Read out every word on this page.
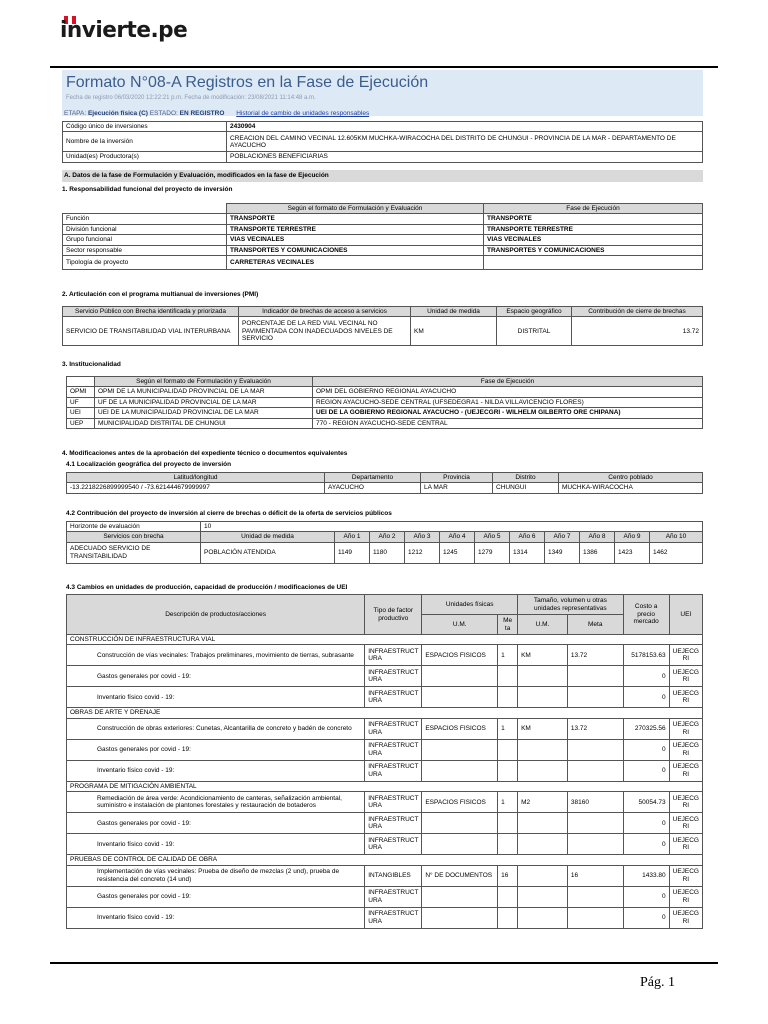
invierte.pe
Formato N°08-A Registros en la Fase de Ejecución
Fecha de registro 06/03/2020 12:22:21 p.m. Fecha de modificación: 23/08/2021 11:14:48 a.m.
ETAPA: Ejecución física (C) ESTADO: EN REGISTRO Historial de cambio de unidades responsables
Código único de inversiones	2430904
Nombre de la inversión	CREACION DEL CAMINO VECINAL 12.605KM MUCHKA-WIRACOCHA DEL DISTRITO DE CHUNGUI - PROVINCIA DE LA MAR - DEPARTAMENTO DE AYACUCHO
Unidad(es) Productora(s)	POBLACIONES BENEFICIARIAS
A. Datos de la fase de Formulación y Evaluación, modificados en la fase de Ejecución
1. Responsabilidad funcional del proyecto de inversión
	Según el formato de Formulación y Evaluación	Fase de Ejecución
Función	TRANSPORTE	TRANSPORTE
División funcional	TRANSPORTE TERRESTRE	TRANSPORTE TERRESTRE
Grupo funcional	VIAS VECINALES	VIAS VECINALES
Sector responsable	TRANSPORTES Y COMUNICACIONES	TRANSPORTES Y COMUNICACIONES
Tipología de proyecto	CARRETERAS VECINALES	
2. Articulación con el programa multianual de inversiones (PMI)
Servicio Público con Brecha identificada y priorizada	Indicador de brechas de acceso a servicios	Unidad de medida	Espacio geográfico	Contribución de cierre de brechas
SERVICIO DE TRANSITABILIDAD VIAL INTERURBANA	PORCENTAJE DE LA RED VIAL VECINAL NO PAVIMENTADA CON INADECUADOS NIVELES DE SERVICIO	KM	DISTRITAL	13.72
3. Institucionalidad
	Según el formato de Formulación y Evaluación	Fase de Ejecución
OPMI	OPMI DE LA MUNICIPALIDAD PROVINCIAL DE LA MAR	OPMI DEL GOBIERNO REGIONAL AYACUCHO
UF	UF DE LA MUNICIPALIDAD PROVINCIAL DE LA MAR	REGION AYACUCHO-SEDE CENTRAL (UFSEDEGRA1 - NILDA VILLAVICENCIO FLORES)
UEI	UEI DE LA MUNICIPALIDAD PROVINCIAL DE LA MAR	UEI DE LA GOBIERNO REGIONAL AYACUCHO - (UEJECGRI - WILHELM GILBERTO ORE CHIPANA)
UEP	MUNICIPALIDAD DISTRITAL DE CHUNGUI	770 - REGION AYACUCHO-SEDE CENTRAL
4. Modificaciones antes de la aprobación del expediente técnico o documentos equivalentes
4.1 Localización geográfica del proyecto de inversión
Latitud/longitud	Departamento	Provincia	Distrito	Centro poblado
-13.2218226899999540 / -73.621444679999997	AYACUCHO	LA MAR	CHUNGUI	MUCHKA-WIRACOCHA
4.2 Contribución del proyecto de inversión al cierre de brechas o déficit de la oferta de servicios públicos
Horizonte de evaluación	10										
Servicios con brecha	Unidad de medida	Año 1	Año 2	Año 3	Año 4	Año 5	Año 6	Año 7	Año 8	Año 9	Año 10
ADECUADO SERVICIO DE TRANSITABILIDAD	POBLACIÓN ATENDIDA	1149	1180	1212	1245	1279	1314	1349	1386	1423	1462
4.3 Cambios en unidades de producción, capacidad de producción / modificaciones de UEI
Descripción de productos/acciones	Tipo de factor productivo	Unidades físicas		Tamaño, volumen u otras unidades representativas		Costo a precio mercado	UEI
		U.M.	Me ta	U.M.	Meta		
CONSTRUCCIÓN DE INFRAESTRUCTURA VIAL							
Construcción de vías vecinales: Trabajos preliminares, movimiento de tierras, subrasante	INFRAESTRUCT URA	ESPACIOS FISICOS	1	KM	13.72	5178153.63	UEJECG RI
Gastos generales por covid - 19:	INFRAESTRUCT URA					0	UEJECG RI
Inventario físico covid - 19:	INFRAESTRUCT URA					0	UEJECG RI
OBRAS DE ARTE Y DRENAJE							
Construcción de obras exteriores: Cunetas, Alcantarilla de concreto y badén de concreto	INFRAESTRUCT URA	ESPACIOS FISICOS	1	KM	13.72	270325.56	UEJECG RI
Gastos generales por covid - 19:	INFRAESTRUCT URA					0	UEJECG RI
Inventario físico covid - 19:	INFRAESTRUCT URA					0	UEJECG RI
PROGRAMA DE MITIGACIÓN AMBIENTAL							
Remediación de área verde: Acondicionamiento de canteras, señalización ambiental, suministro e instalación de plantones forestales y restauración de botaderos	INFRAESTRUCT URA	ESPACIOS FISICOS	1	M2	38160	50054.73	UEJECG RI
Gastos generales por covid - 19:	INFRAESTRUCT URA					0	UEJECG RI
Inventario físico covid - 19:	INFRAESTRUCT URA					0	UEJECG RI
PRUEBAS DE CONTROL DE CALIDAD DE OBRA							
Implementación de vías vecinales: Prueba de diseño de mezclas (2 und), prueba de resistencia del concreto (14 und)	INTANGIBLES	N° DE DOCUMENTOS	16		16	1433.80	UEJECG RI
Gastos generales por covid - 19:	INFRAESTRUCT URA					0	UEJECG RI
Inventario físico covid - 19:	INFRAESTRUCT URA					0	UEJECG RI
Pág. 1
